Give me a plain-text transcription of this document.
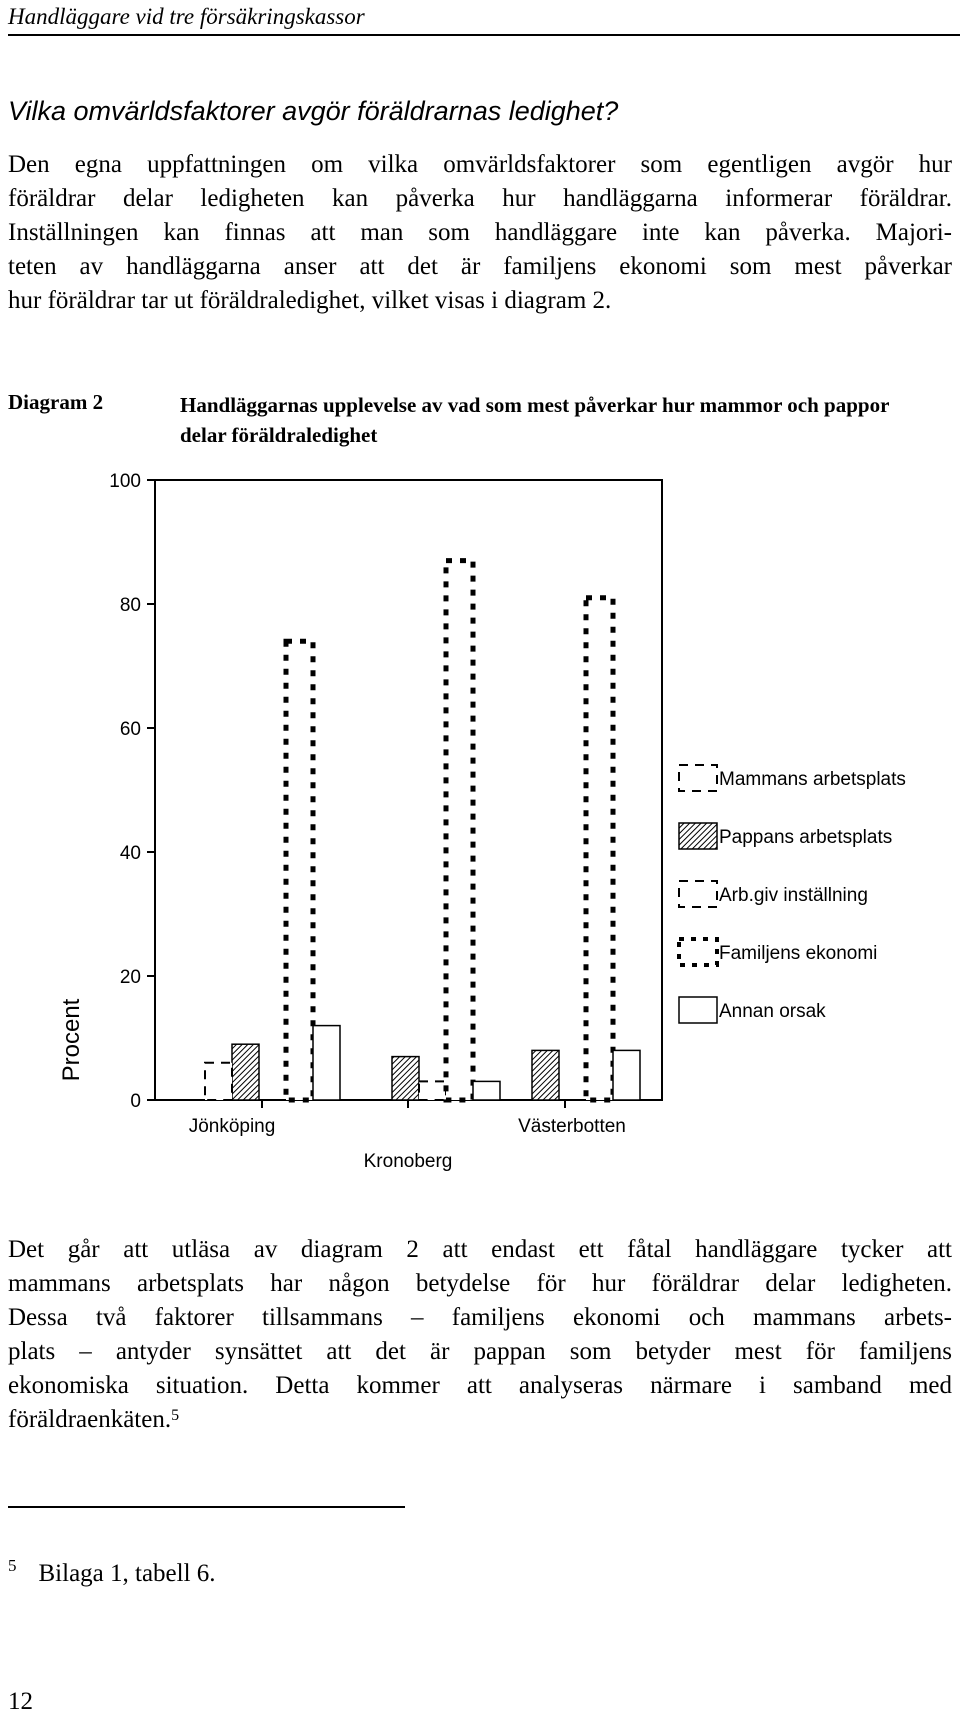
Handläggare vid tre försäkringskassor
Vilka omvärldsfaktorer avgör föräldrarnas ledighet?

Den egna uppfattningen om vilka omvärldsfaktorer som egentligen avgör hur
föräldrar delar ledigheten kan påverka hur handläggarna informerar föräldrar.
Inställningen kan finnas att man som handläggare inte kan påverka. Majori-
teten av handläggarna anser att det är familjens ekonomi som mest påverkar
hur föräldrar tar ut föräldraledighet, vilket visas i diagram 2.

Diagram 2	Handläggarnas upplevelse av vad som mest påverkar hur mammor och pappor delar föräldraledighet
0
20
40
60
80
100
Procent
Jönköping
Kronoberg
Västerbotten
Mammans arbetsplats
Pappans arbetsplats
Arb.giv inställning
Familjens ekonomi
Annan orsak

Det går att utläsa av diagram 2 att endast ett fåtal handläggare tycker att
mammans arbetsplats har någon betydelse för hur föräldrar delar ledigheten.
Dessa två faktorer tillsammans – familjens ekonomi och mammans arbets-
plats – antyder synsättet att det är pappan som betyder mest för familjens
ekonomiska situation. Detta kommer att analyseras närmare i samband med
föräldraenkäten.$^5$

$^5$ Bilaga 1, tabell 6.
12
